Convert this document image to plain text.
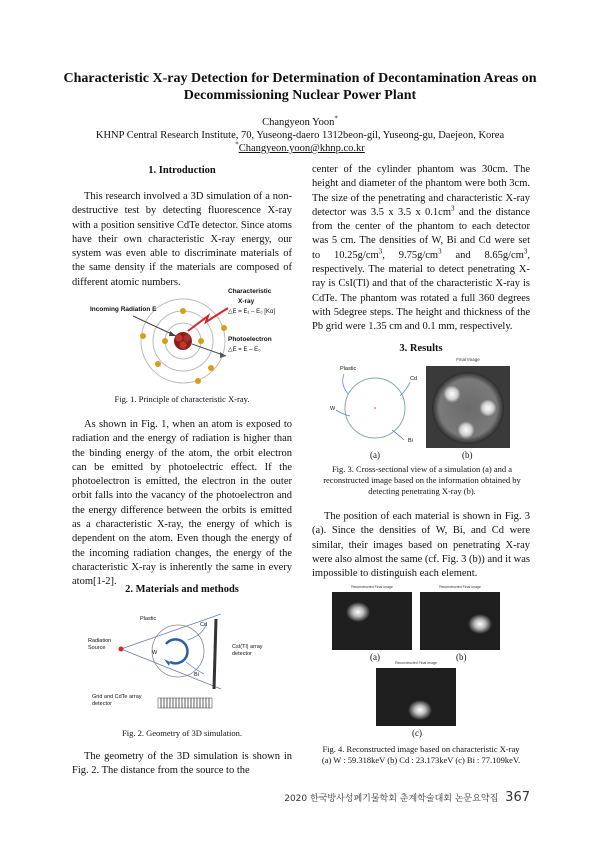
Characteristic X-ray Detection for Determination of Decontamination Areas on Decommissioning Nuclear Power Plant
Changyeon Yoon*
KHNP Central Research Institute, 70, Yuseong-daero 1312beon-gil, Yuseong-gu, Daejeon, Korea
*Changyeon.yoon@khnp.co.kr
1. Introduction

This research involved a 3D simulation of a non-destructive test by detecting fluorescence X-ray with a position sensitive CdTe detector. Since atoms have their own characteristic X-ray energy, our system was even able to discriminate materials of the same density if the materials are composed of different atomic numbers.

Incoming Radiation E
Characteristic
X-ray
△E = E₁ – E₀ [Kα]
Photoelectron
△E = E – E₀
Fig. 1. Principle of characteristic X-ray.

As shown in Fig. 1, when an atom is exposed to radiation and the energy of radiation is higher than the binding energy of the atom, the orbit electron can be emitted by photoelectric effect. If the photoelectron is emitted, the electron in the outer orbit falls into the vacancy of the photoelectron and the energy difference between the orbits is emitted as a characteristic X-ray, the energy of which is dependent on the atom. Even though the energy of the incoming radiation changes, the energy of the characteristic X-ray is inherently the same in every atom[1-2].

2. Materials and methods
Plastic
Cd
Radiation Source
W
Bi
CsI(Tl) array detector
Grid and CdTe array detector
Fig. 2. Geometry of 3D simulation.

The geometry of the 3D simulation is shown in Fig. 2. The distance from the source to the

center of the cylinder phantom was 30cm. The height and diameter of the phantom were both 3cm. The size of the penetrating and characteristic X-ray detector was 3.5 x 3.5 x $0.1cm^3$ and the distance from the center of the phantom to each detector was 5 cm. The densities of W, Bi and Cd were set to $10.25g/cm^3$, $9.75g/cm^3$ and $8.65g/cm^3$, respectively. The material to detect penetrating X-ray is CsI(Tl) and that of the characteristic X-ray is CdTe. The phantom was rotated a full 360 degrees with 5degree steps. The height and thickness of the Pb grid were 1.35 cm and 0.1 mm, respectively.

3. Results
Plastic
Cd
W
Bi
Final Image
(a)	(b)
Fig. 3. Cross-sectional view of a simulation (a) and a reconstructed image based on the information obtained by detecting penetrating X-ray (b).

The position of each material is shown in Fig. 3 (a). Since the densities of W, Bi, and Cd were similar, their images based on penetrating X-ray were also almost the same (cf. Fig. 3 (b)) and it was impossible to distinguish each element.

Reconstructed Final Image	Reconstructed Final Image
(a)	(b)
Reconstructed Final Image
(c)
Fig. 4. Reconstructed image based on characteristic X-ray
(a) W : 59.318keV (b) Cd : 23.173keV (c) Bi : 77.109keV.
2020 한국방사성폐기물학회 춘계학술대회 논문요약집 367
